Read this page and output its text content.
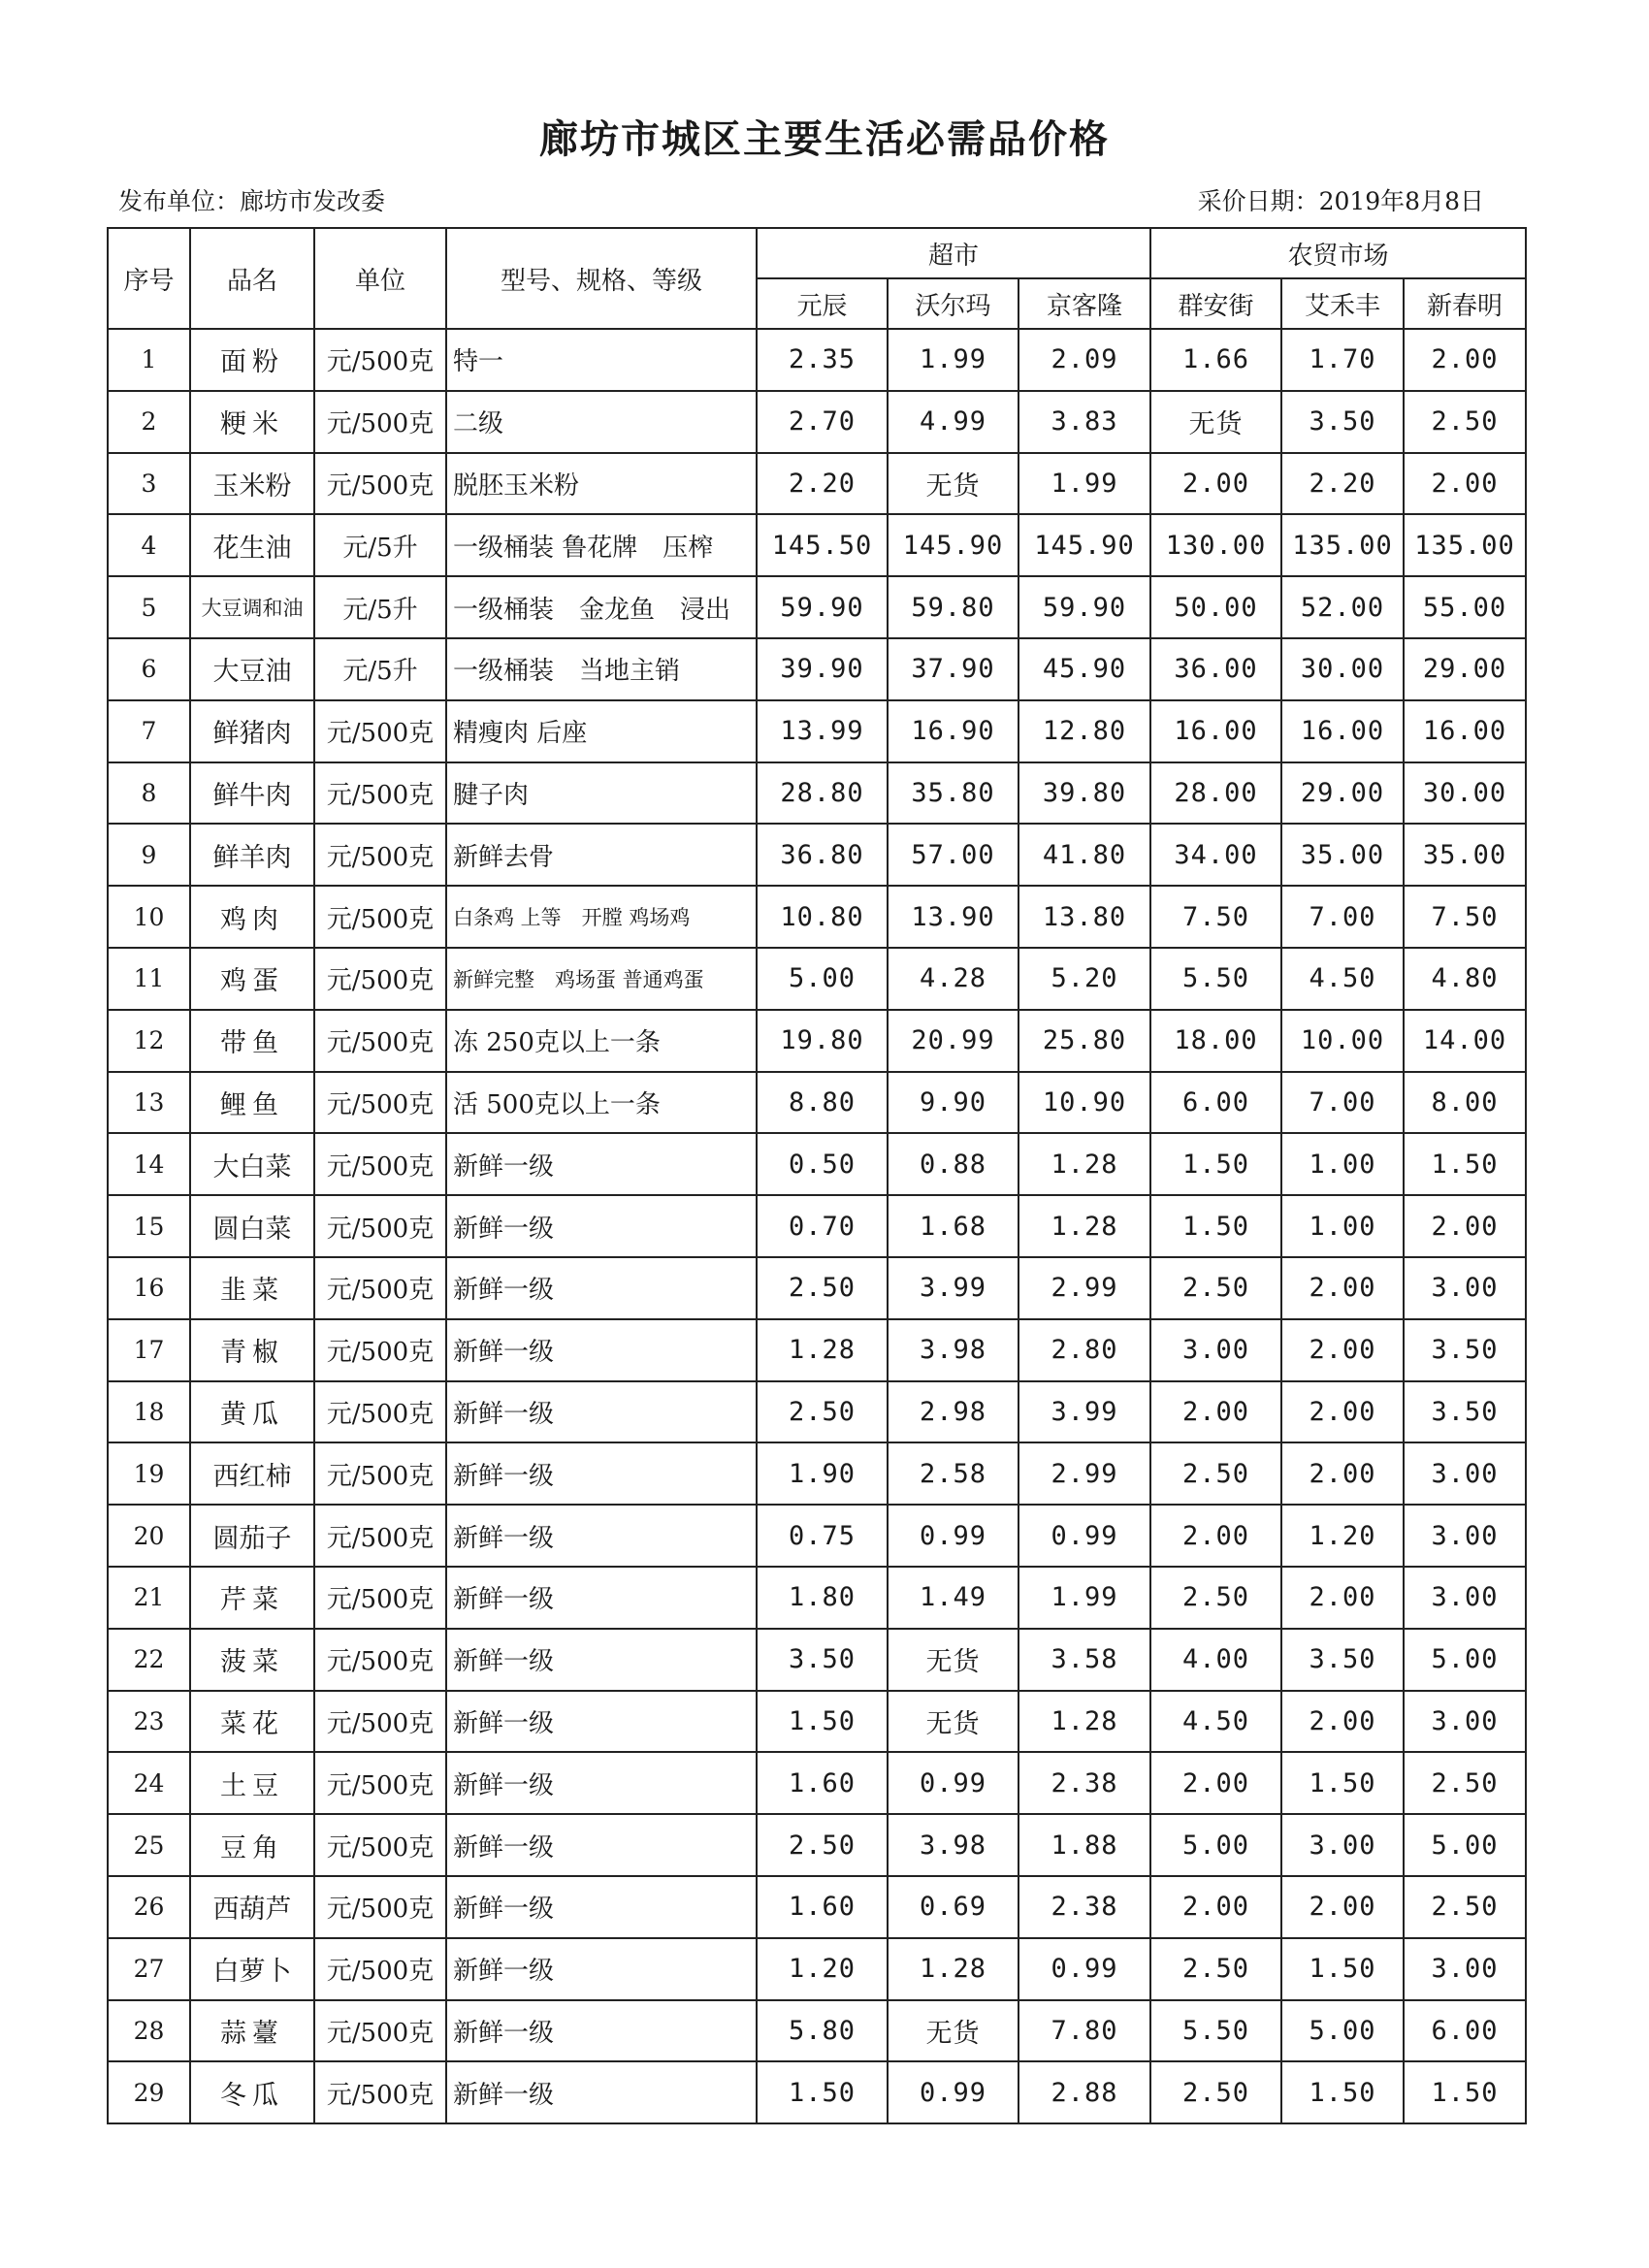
廊坊市城区主要生活必需品价格
发布单位：廊坊市发改委	采价日期：2019年8月8日
序号	品名	单位	型号、规格、等级	超市			农贸市场		
				元辰	沃尔玛	京客隆	群安街	艾禾丰	新春明
1	面粉	元/500克	特一	2.35	1.99	2.09	1.66	1.70	2.00
2	粳米	元/500克	二级	2.70	4.99	3.83	无货	3.50	2.50
3	玉米粉	元/500克	脱胚玉米粉	2.20	无货	1.99	2.00	2.20	2.00
4	花生油	元/5升	一级桶装 鲁花牌　压榨	145.50	145.90	145.90	130.00	135.00	135.00
5	大豆调和油	元/5升	一级桶装　金龙鱼　浸出	59.90	59.80	59.90	50.00	52.00	55.00
6	大豆油	元/5升	一级桶装　当地主销	39.90	37.90	45.90	36.00	30.00	29.00
7	鲜猪肉	元/500克	精瘦肉 后座	13.99	16.90	12.80	16.00	16.00	16.00
8	鲜牛肉	元/500克	腱子肉	28.80	35.80	39.80	28.00	29.00	30.00
9	鲜羊肉	元/500克	新鲜去骨	36.80	57.00	41.80	34.00	35.00	35.00
10	鸡肉	元/500克	白条鸡 上等　开膛 鸡场鸡	10.80	13.90	13.80	7.50	7.00	7.50
11	鸡蛋	元/500克	新鲜完整　鸡场蛋 普通鸡蛋	5.00	4.28	5.20	5.50	4.50	4.80
12	带鱼	元/500克	冻 250克以上一条	19.80	20.99	25.80	18.00	10.00	14.00
13	鲤鱼	元/500克	活 500克以上一条	8.80	9.90	10.90	6.00	7.00	8.00
14	大白菜	元/500克	新鲜一级	0.50	0.88	1.28	1.50	1.00	1.50
15	圆白菜	元/500克	新鲜一级	0.70	1.68	1.28	1.50	1.00	2.00
16	韭菜	元/500克	新鲜一级	2.50	3.99	2.99	2.50	2.00	3.00
17	青椒	元/500克	新鲜一级	1.28	3.98	2.80	3.00	2.00	3.50
18	黄瓜	元/500克	新鲜一级	2.50	2.98	3.99	2.00	2.00	3.50
19	西红柿	元/500克	新鲜一级	1.90	2.58	2.99	2.50	2.00	3.00
20	圆茄子	元/500克	新鲜一级	0.75	0.99	0.99	2.00	1.20	3.00
21	芹菜	元/500克	新鲜一级	1.80	1.49	1.99	2.50	2.00	3.00
22	菠菜	元/500克	新鲜一级	3.50	无货	3.58	4.00	3.50	5.00
23	菜花	元/500克	新鲜一级	1.50	无货	1.28	4.50	2.00	3.00
24	土豆	元/500克	新鲜一级	1.60	0.99	2.38	2.00	1.50	2.50
25	豆角	元/500克	新鲜一级	2.50	3.98	1.88	5.00	3.00	5.00
26	西葫芦	元/500克	新鲜一级	1.60	0.69	2.38	2.00	2.00	2.50
27	白萝卜	元/500克	新鲜一级	1.20	1.28	0.99	2.50	1.50	3.00
28	蒜薹	元/500克	新鲜一级	5.80	无货	7.80	5.50	5.00	6.00
29	冬瓜	元/500克	新鲜一级	1.50	0.99	2.88	2.50	1.50	1.50
